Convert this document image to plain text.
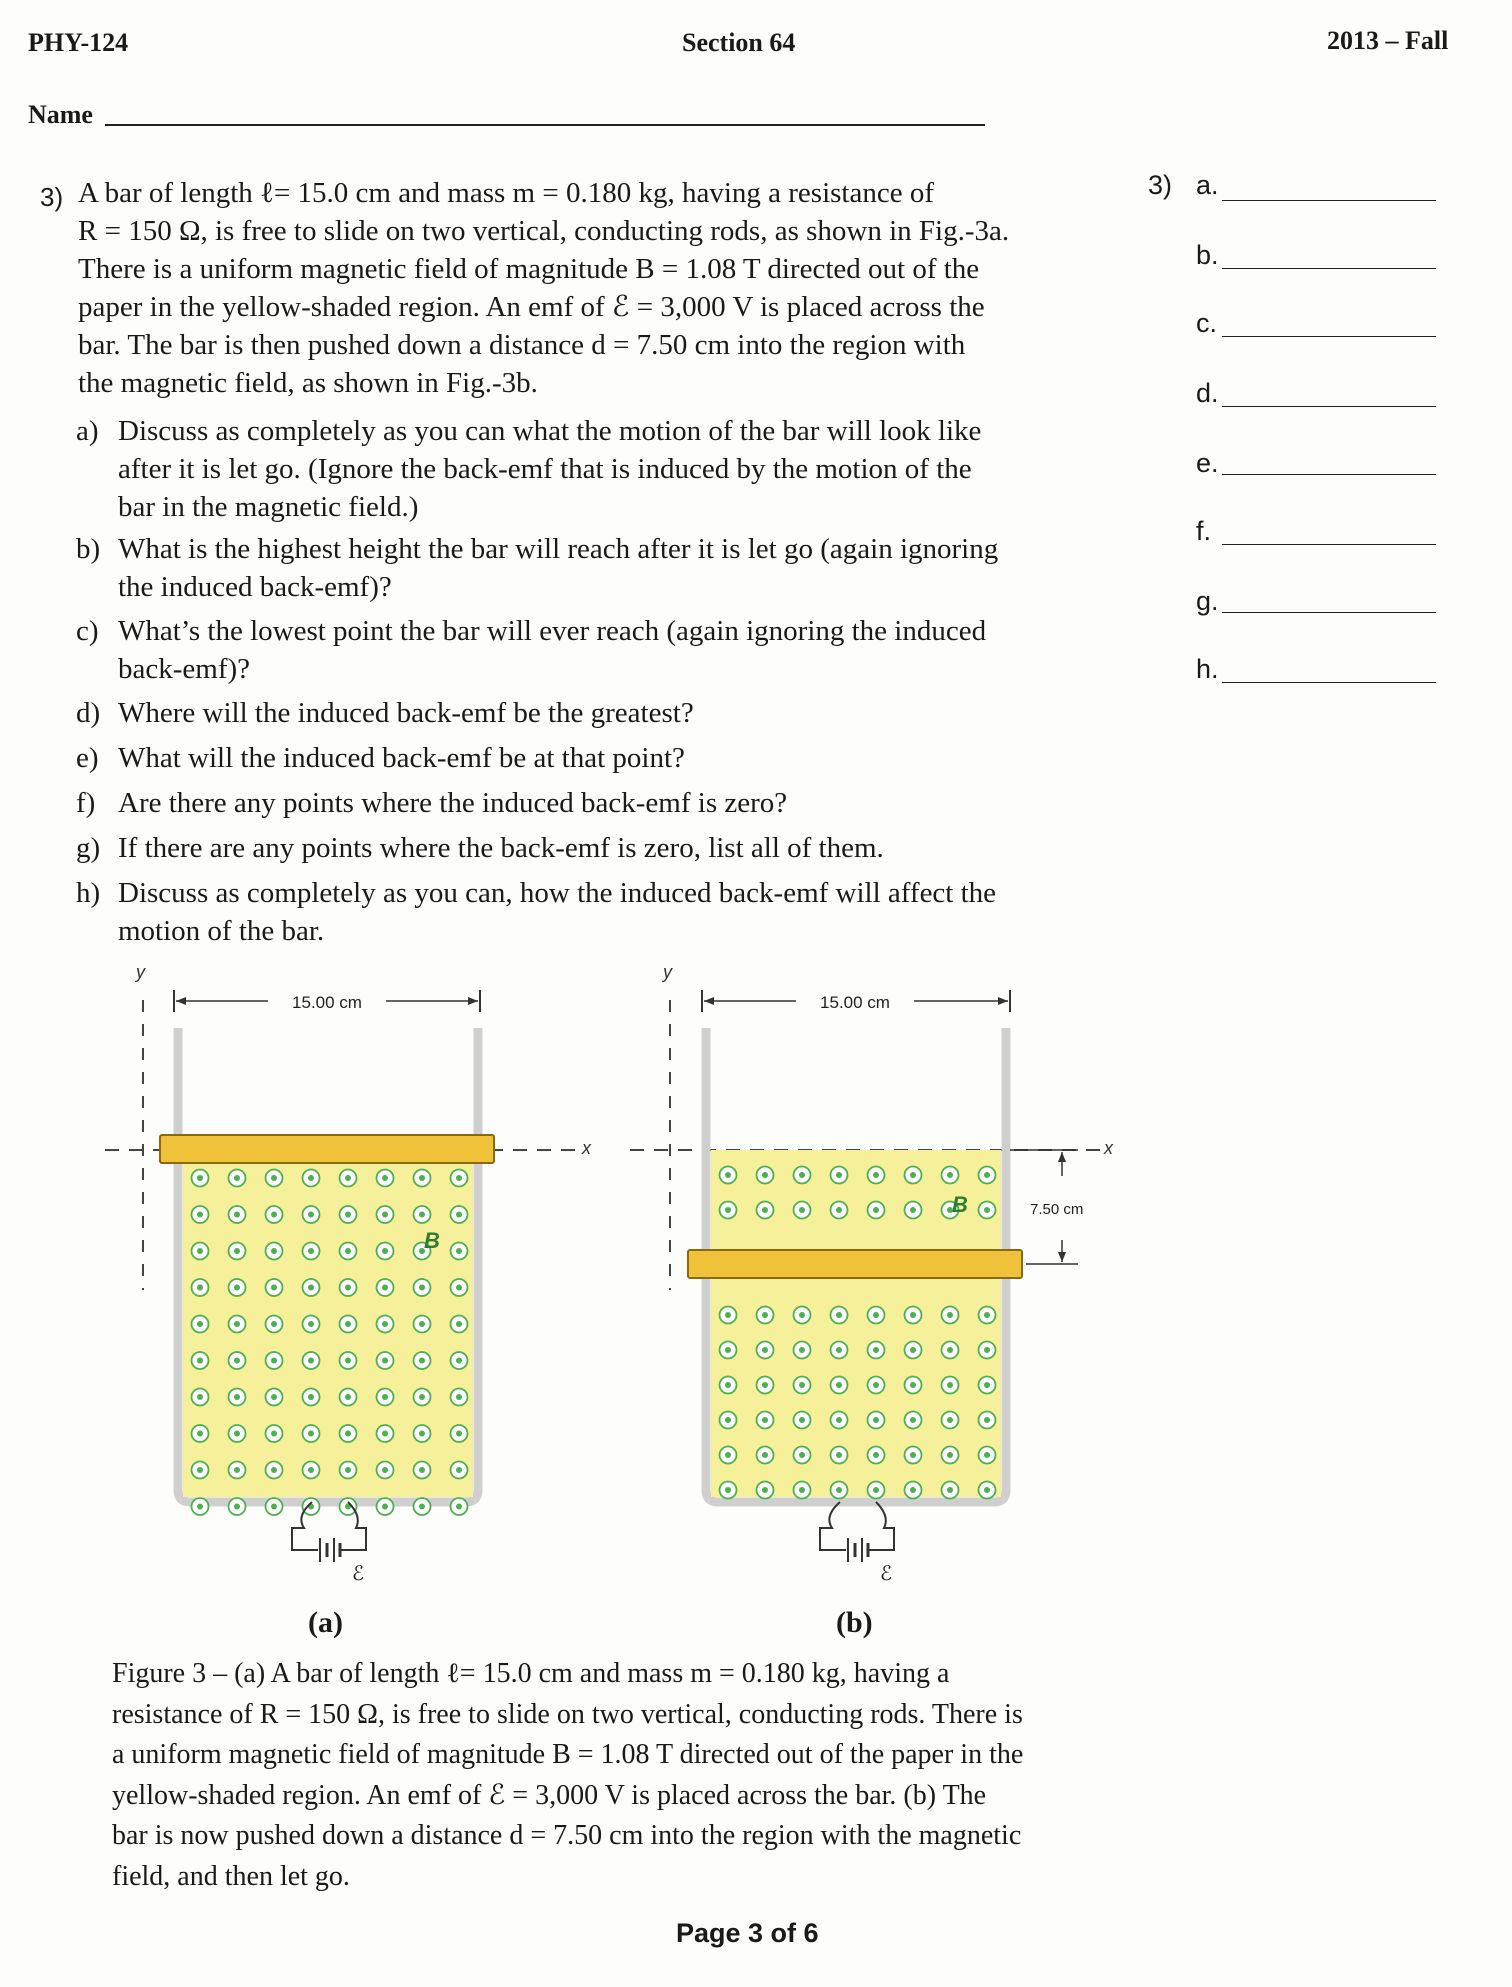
PHY-124	Section 64	2013 – Fall
Name
3) A bar of length ℓ= 15.0 cm and mass m = 0.180 kg, having a resistance of
R = 150 Ω, is free to slide on two vertical, conducting rods, as shown in Fig.-3a.
There is a uniform magnetic field of magnitude B = 1.08 T directed out of the
paper in the yellow-shaded region. An emf of ℰ = 3,000 V is placed across the
bar. The bar is then pushed down a distance d = 7.50 cm into the region with
the magnetic field, as shown in Fig.-3b.
a) Discuss as completely as you can what the motion of the bar will look like
after it is let go. (Ignore the back-emf that is induced by the motion of the
bar in the magnetic field.)
b) What is the highest height the bar will reach after it is let go (again ignoring
the induced back-emf)?
c) What’s the lowest point the bar will ever reach (again ignoring the induced
back-emf)?
d) Where will the induced back-emf be the greatest?
e) What will the induced back-emf be at that point?
f) Are there any points where the induced back-emf is zero?
g) If there are any points where the back-emf is zero, list all of them.
h) Discuss as completely as you can, how the induced back-emf will affect the
motion of the bar.
3) a.
b.
c.
d.
e.
f.
g.
h.
y
x
15.00 cm
B
ℰ
y
x
15.00 cm
B	7.50 cm
ℰ
(a)	(b)
Figure 3 – (a) A bar of length ℓ= 15.0 cm and mass m = 0.180 kg, having a
resistance of R = 150 Ω, is free to slide on two vertical, conducting rods. There is
a uniform magnetic field of magnitude B = 1.08 T directed out of the paper in the
yellow-shaded region. An emf of ℰ = 3,000 V is placed across the bar. (b) The
bar is now pushed down a distance d = 7.50 cm into the region with the magnetic
field, and then let go.
Page 3 of 6
